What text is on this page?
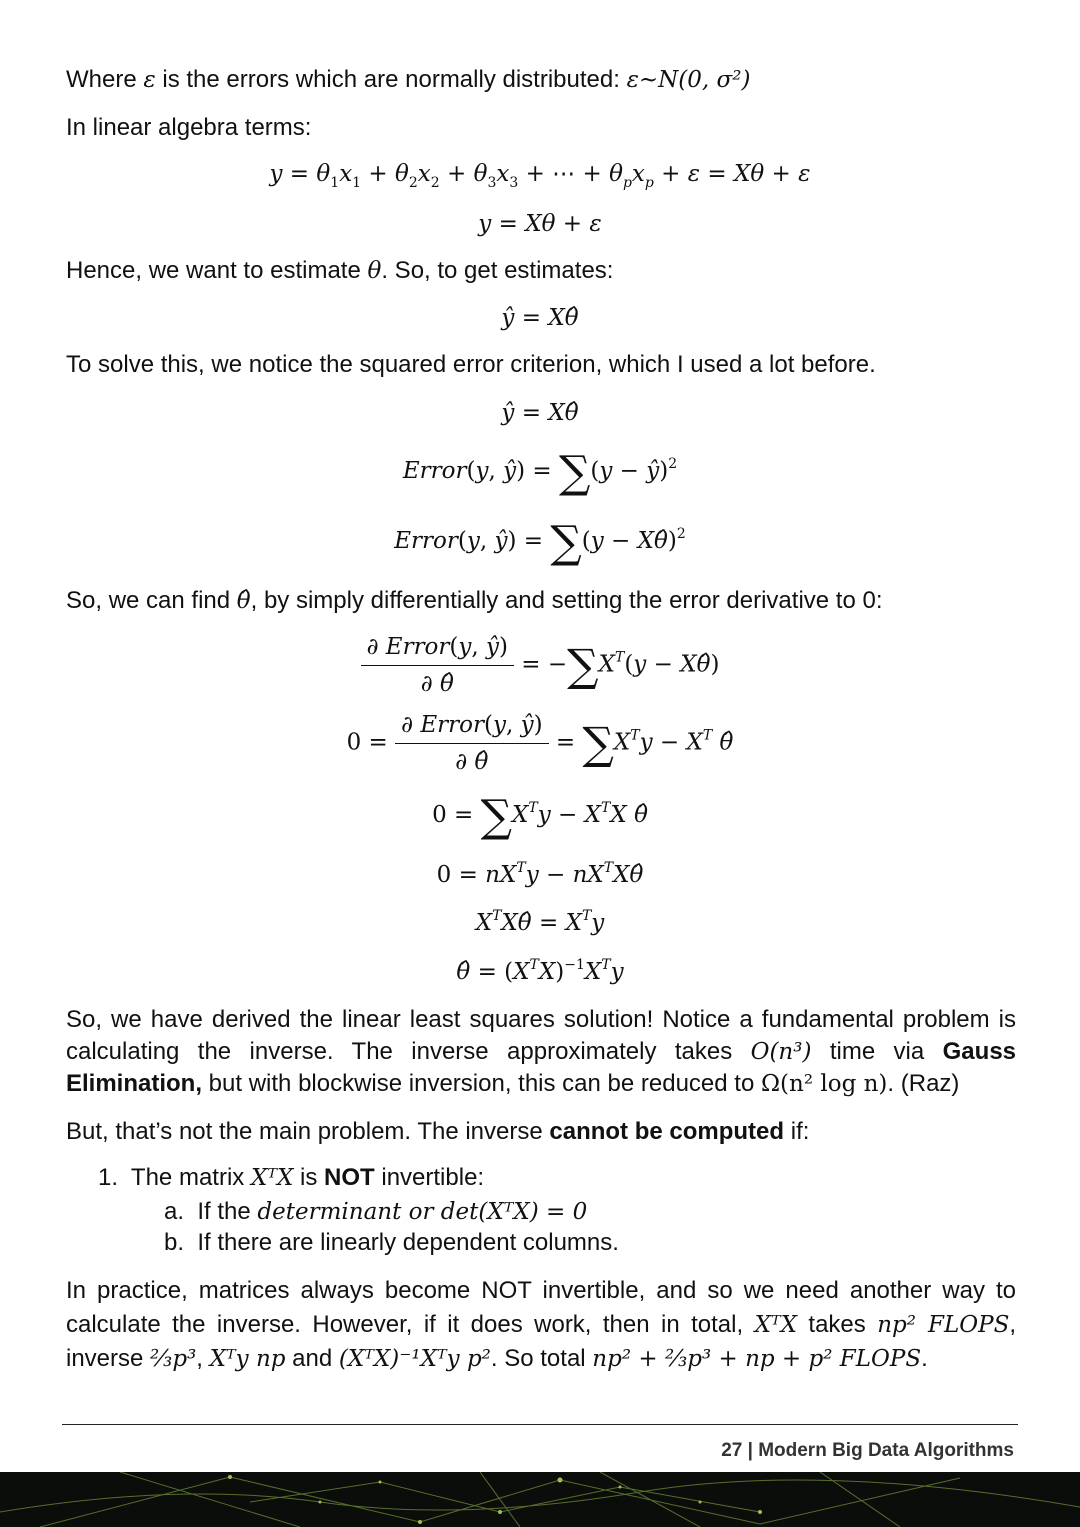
Where ε is the errors which are normally distributed: ε~N(0, σ²)
In linear algebra terms:
$y = \theta_1x_1 + \theta_2x_2 + \theta_3x_3$ + ⋯ + $\theta_px_p + \varepsilon = X\theta + \varepsilon$
y = Xθ + ε
Hence, we want to estimate θ. So, to get estimates:
ŷ = Xθ̂
To solve this, we notice the squared error criterion, which I used a lot before.
ŷ = Xθ̂
Error(y, ŷ) = ∑(y − ŷ)$^2$
Error(y, ŷ) = ∑(y − Xθ̂)$^2$
So, we can find θ̂, by simply differentially and setting the error derivative to 0:
$\frac{\text{∂ Error(y, ŷ)}}{\partial \thetâ} = -\sum X^T(y$ − Xθ̂)
$0 = \frac{\text{∂ Error(y, ŷ)}}{\partial \thetâ} = \sum X^Ty - X^T$ θ̂
$0 = \sum X^Ty - X^TX$ θ̂
$0 = nX^Ty$ − $nX^TX\thetâ$
$X^TX\thetâ = X^Ty$
θ̂ = $(X^TX)^{-1}X^Ty$
So, we have derived the linear least squares solution! Notice a fundamental problem is calculating the inverse. The inverse approximately takes O(n³) time via Gauss Elimination, but with blockwise inversion, this can be reduced to Ω(n² log n). (Raz)
But, that’s not the main problem. The inverse cannot be computed if:
1. The matrix XᵀX is NOT invertible:
a. If the determinant or det(XᵀX) = 0
b. If there are linearly dependent columns.
In practice, matrices always become NOT invertible, and so we need another way to calculate the inverse. However, if it does work, then in total, XᵀX takes np² FLOPS, inverse ⅔p³, Xᵀy np and (XᵀX)⁻¹Xᵀy p². So total np² + ⅔p³ + np + p² FLOPS.
27 | Modern Big Data Algorithms
